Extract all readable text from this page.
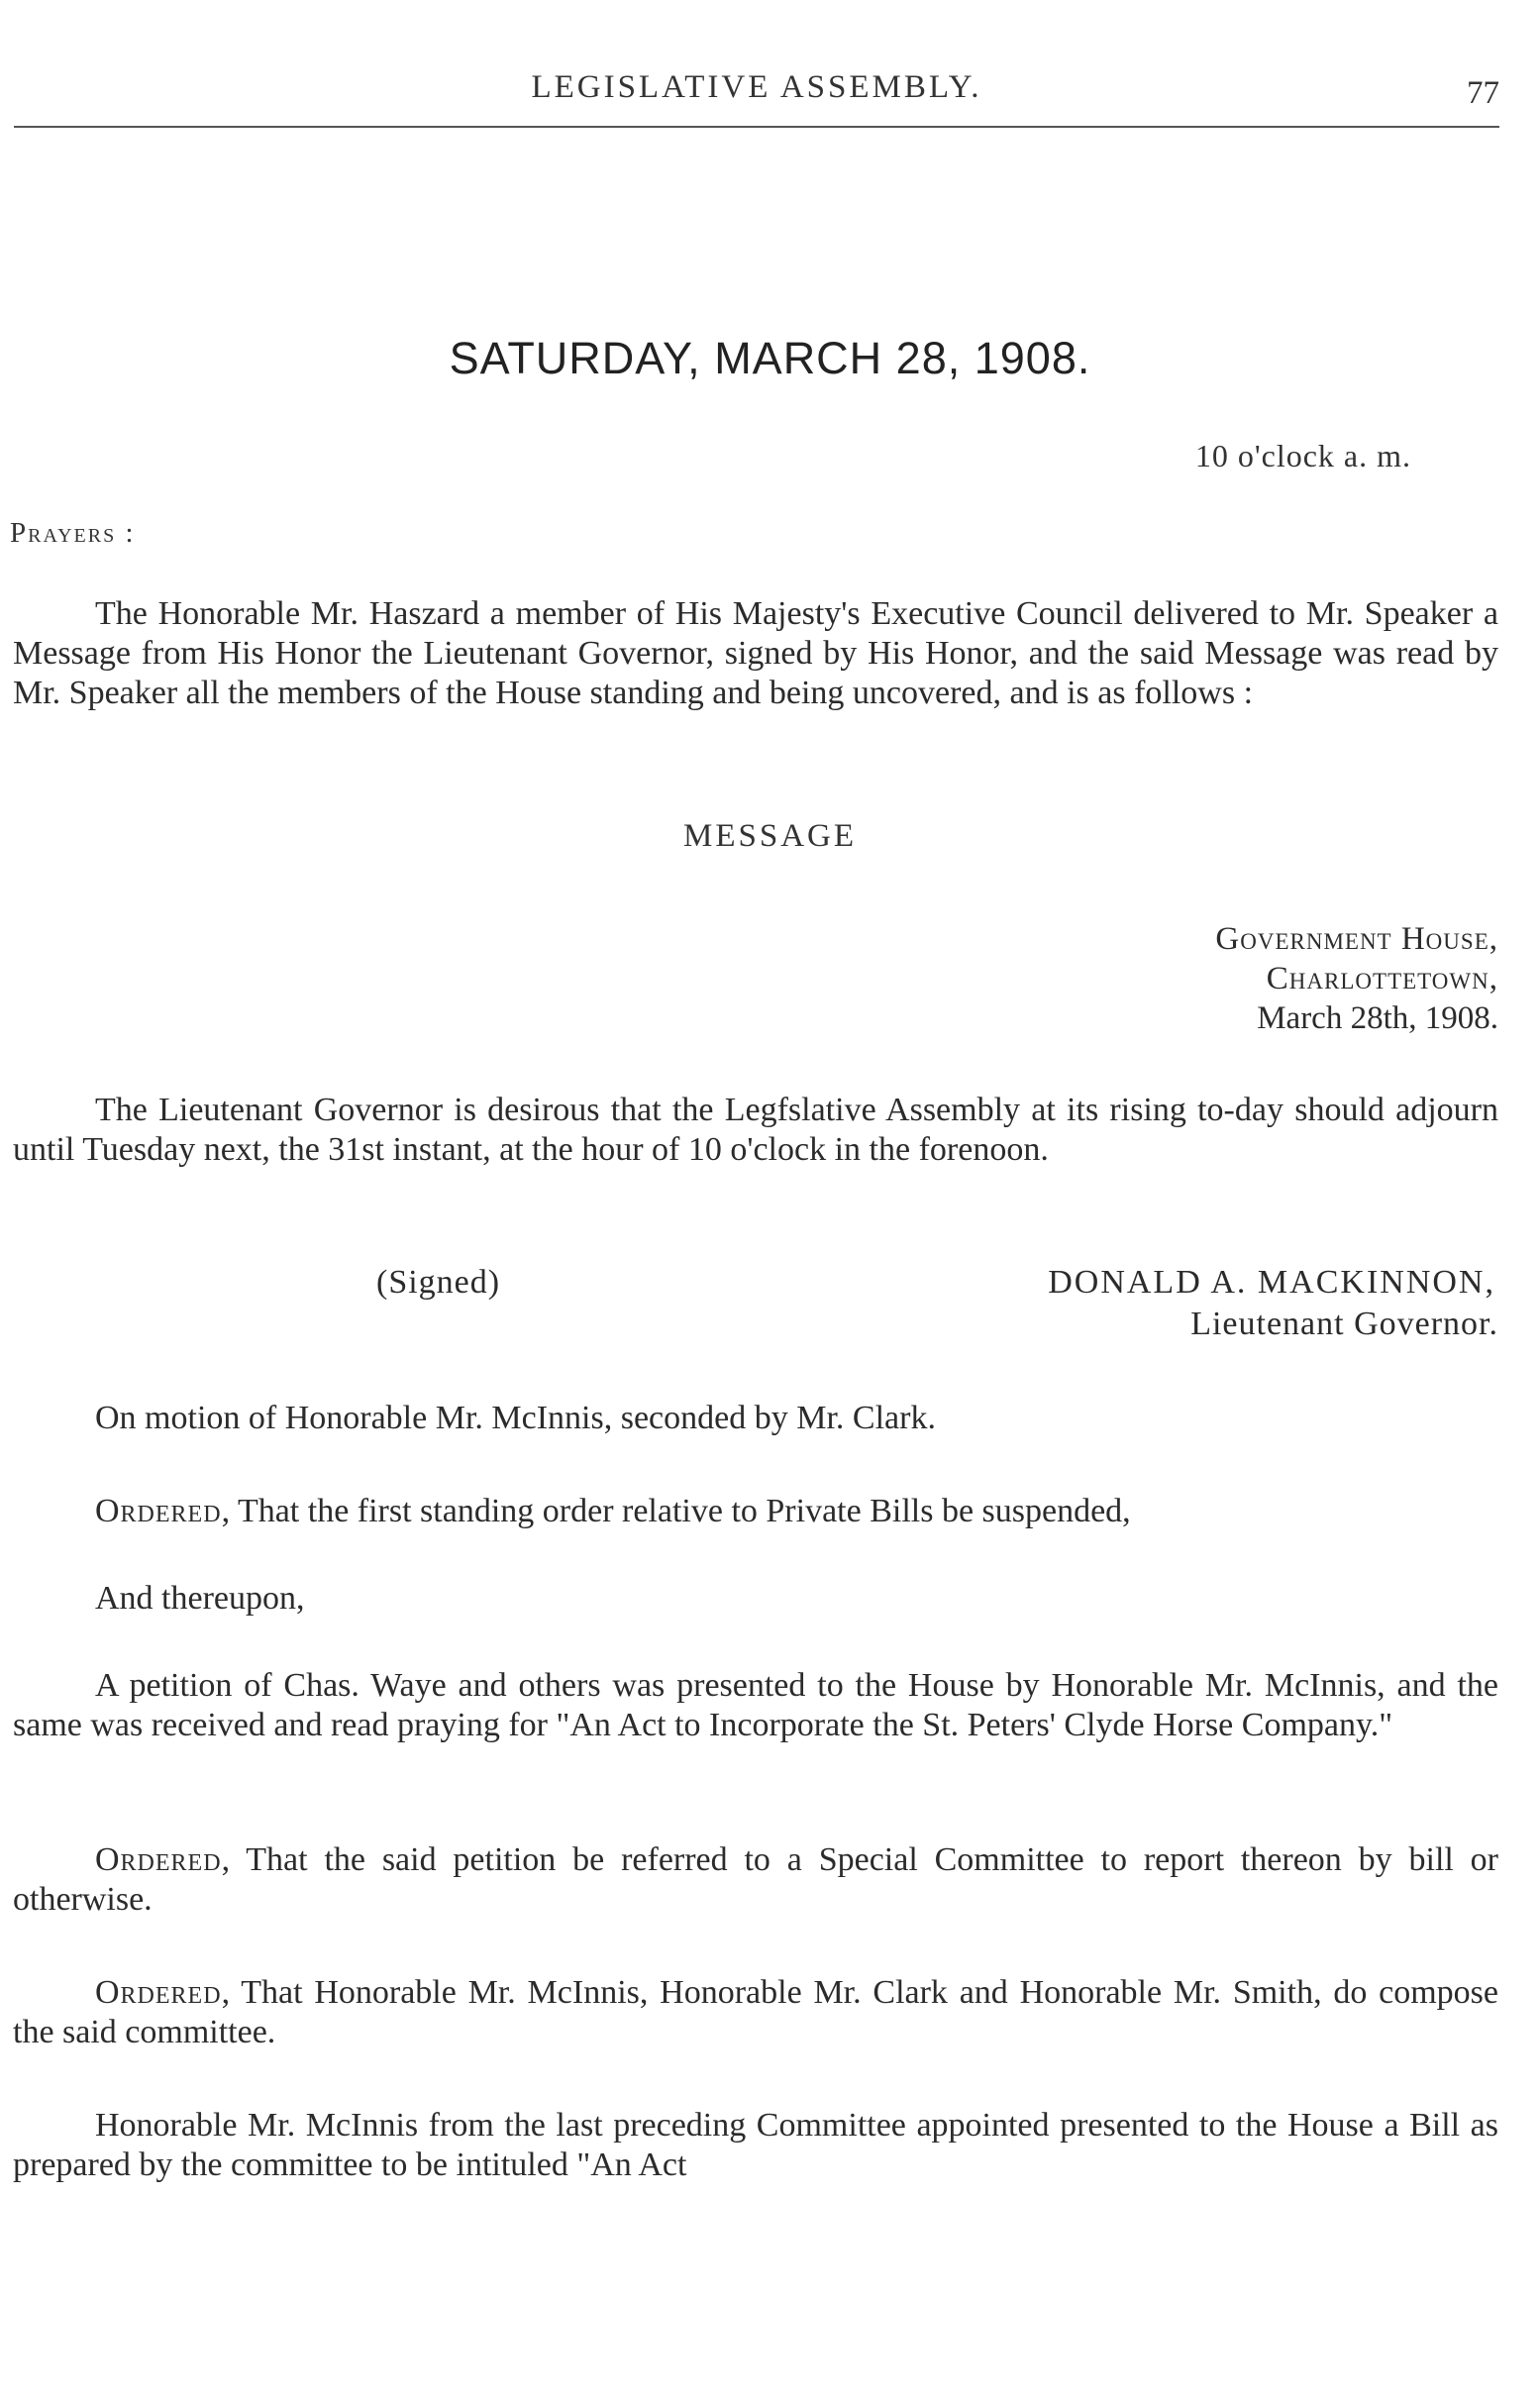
LEGISLATIVE ASSEMBLY.	77
SATURDAY, MARCH 28, 1908.
10 o'clock a. m.
Prayers :

The Honorable Mr. Haszard a member of His Majesty's Executive Council delivered to Mr. Speaker a Message from His Honor the Lieutenant Governor, signed by His Honor, and the said Message was read by Mr. Speaker all the members of the House standing and being uncovered, and is as follows :

MESSAGE
Government House,
Charlottetown,
March 28th, 1908.

The Lieutenant Governor is desirous that the Legfslative Assembly at its rising to-day should adjourn until Tuesday next, the 31st instant, at the hour of 10 o'clock in the forenoon.

(Signed)	DONALD A. MACKINNON,
Lieutenant Governor.

On motion of Honorable Mr. McInnis, seconded by Mr. Clark.

Ordered, That the first standing order relative to Private Bills be suspended,

And thereupon,

A petition of Chas. Waye and others was presented to the House by Honorable Mr. McInnis, and the same was received and read praying for "An Act to Incorporate the St. Peters' Clyde Horse Company."

Ordered, That the said petition be referred to a Special Committee to report thereon by bill or otherwise.

Ordered, That Honorable Mr. McInnis, Honorable Mr. Clark and Honorable Mr. Smith, do compose the said committee.

Honorable Mr. McInnis from the last preceding Committee appointed presented to the House a Bill as prepared by the committee to be intituled "An Act
